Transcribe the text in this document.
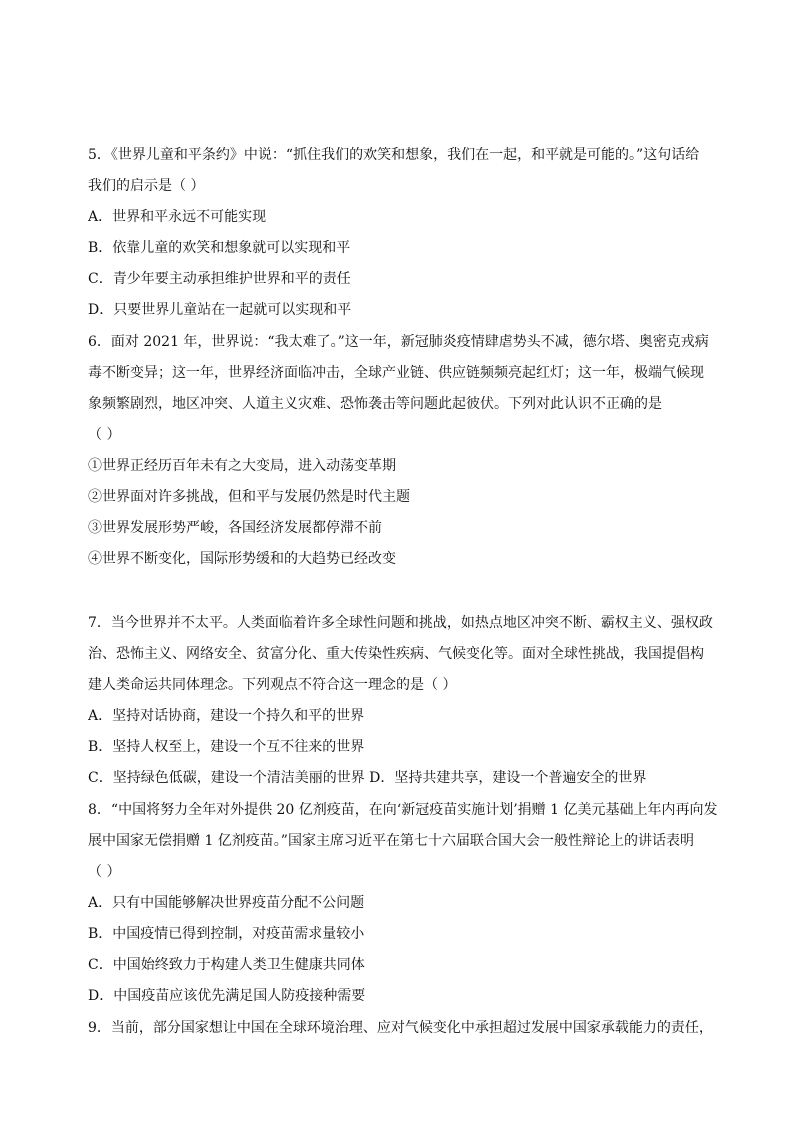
5．《世界儿童和平条约》中说：“抓住我们的欢笑和想象，我们在一起，和平就是可能的。”这句话给
我们的启示是（ ）
A．世界和平永远不可能实现
B．依靠儿童的欢笑和想象就可以实现和平
C．青少年要主动承担维护世界和平的责任
D．只要世界儿童站在一起就可以实现和平
6．面对 2021 年，世界说：“我太难了。”这一年，新冠肺炎疫情肆虐势头不减，德尔塔、奥密克戎病
毒不断变异；这一年，世界经济面临冲击，全球产业链、供应链频频亮起红灯；这一年，极端气候现
象频繁剧烈，地区冲突、人道主义灾难、恐怖袭击等问题此起彼伏。下列对此认识不正确的是
（ ）
①世界正经历百年未有之大变局，进入动荡变革期
②世界面对许多挑战，但和平与发展仍然是时代主题
③世界发展形势严峻，各国经济发展都停滞不前
④世界不断变化，国际形势缓和的大趋势已经改变
7．当今世界并不太平。人类面临着许多全球性问题和挑战，如热点地区冲突不断、霸权主义、强权政
治、恐怖主义、网络安全、贫富分化、重大传染性疾病、气候变化等。面对全球性挑战，我国提倡构
建人类命运共同体理念。下列观点不符合这一理念的是（ ）
A．坚持对话协商，建设一个持久和平的世界
B．坚持人权至上，建设一个互不往来的世界
C．坚持绿色低碳，建设一个清洁美丽的世界 D．坚持共建共享，建设一个普遍安全的世界
8．“中国将努力全年对外提供 20 亿剂疫苗，在向‘新冠疫苗实施计划’捐赠 1 亿美元基础上年内再向发
展中国家无偿捐赠 1 亿剂疫苗。”国家主席习近平在第七十六届联合国大会一般性辩论上的讲话表明
（ ）
A．只有中国能够解决世界疫苗分配不公问题
B．中国疫情已得到控制，对疫苗需求量较小
C．中国始终致力于构建人类卫生健康共同体
D．中国疫苗应该优先满足国人防疫接种需要
9．当前，部分国家想让中国在全球环境治理、应对气候变化中承担超过发展中国家承载能力的责任，
